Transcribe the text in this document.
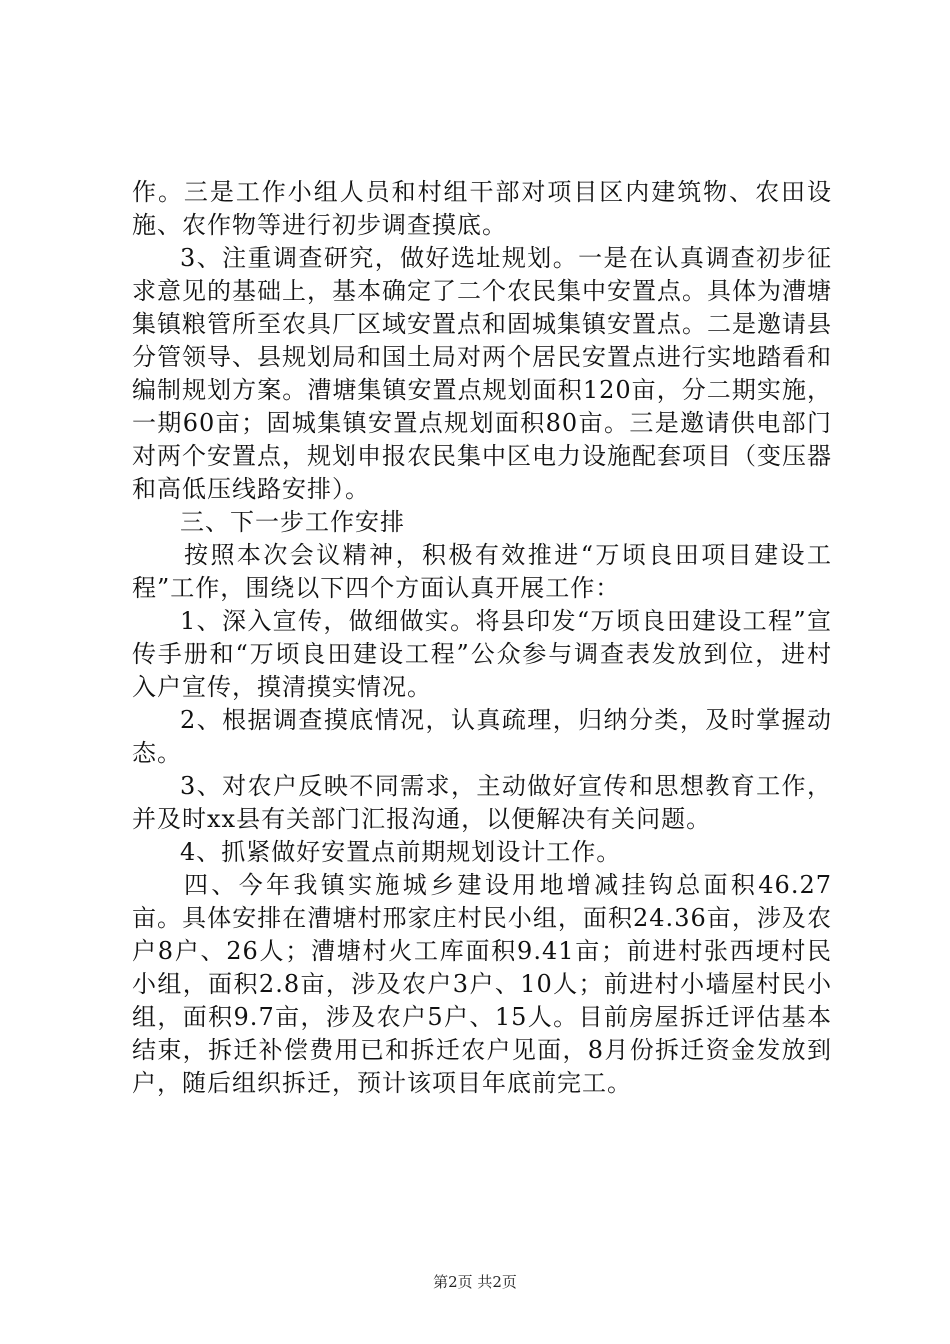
作。三是工作小组人员和村组干部对项目区内建筑物、农田设施、农作物等进行初步调查摸底。

3、注重调查研究，做好选址规划。一是在认真调查初步征求意见的基础上，基本确定了二个农民集中安置点。具体为漕塘集镇粮管所至农具厂区域安置点和固城集镇安置点。二是邀请县分管领导、县规划局和国土局对两个居民安置点进行实地踏看和编制规划方案。漕塘集镇安置点规划面积120亩，分二期实施，一期60亩；固城集镇安置点规划面积80亩。三是邀请供电部门对两个安置点，规划申报农民集中区电力设施配套项目（变压器和高低压线路安排）。

三、下一步工作安排

按照本次会议精神，积极有效推进“万顷良田项目建设工程”工作，围绕以下四个方面认真开展工作：

1、深入宣传，做细做实。将县印发“万顷良田建设工程”宣传手册和“万顷良田建设工程”公众参与调查表发放到位，进村入户宣传，摸清摸实情况。

2、根据调查摸底情况，认真疏理，归纳分类，及时掌握动态。

3、对农户反映不同需求，主动做好宣传和思想教育工作，并及时xx县有关部门汇报沟通，以便解决有关问题。

4、抓紧做好安置点前期规划设计工作。

四、今年我镇实施城乡建设用地增减挂钩总面积46.27亩。具体安排在漕塘村邢家庄村民小组，面积24.36亩，涉及农户8户、26人；漕塘村火工库面积9.41亩；前进村张西埂村民小组，面积2.8亩，涉及农户3户、10人；前进村小墙屋村民小组，面积9.7亩，涉及农户5户、15人。目前房屋拆迁评估基本结束，拆迁补偿费用已和拆迁农户见面，8月份拆迁资金发放到户，随后组织拆迁，预计该项目年底前完工。

第2页 共2页
